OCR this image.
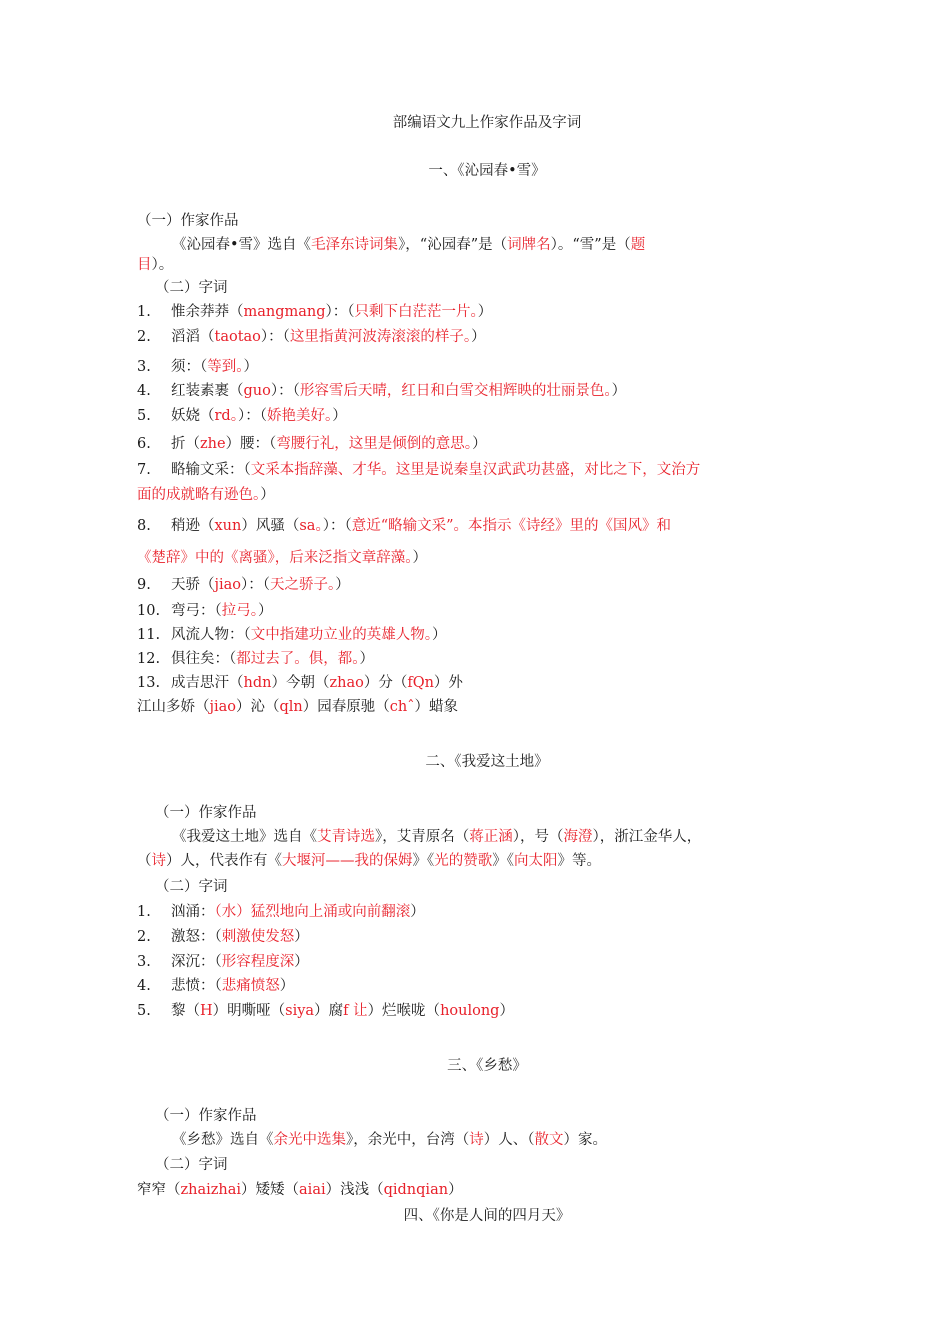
部编语文九上作家作品及字词
一、《沁园春•雪》
（一）作家作品
《沁园春•雪》选自《毛泽东诗词集》，“沁园春”是（词牌名）。“雪”是（题
目）。
（二）字词
1. 惟余莽莽（mangmang）：（只剩下白茫茫一片。）
2. 滔滔（taotao）：（这里指黄河波涛滚滚的样子。）
3. 须：（等到。）
4. 红装素裹（guo）：（形容雪后天晴，红日和白雪交相辉映的壮丽景色。）
5. 妖娆（rd。）：（娇艳美好。）
6. 折（zhe）腰：（弯腰行礼，这里是倾倒的意思。）
7. 略输文采：（文采本指辞藻、才华。这里是说秦皇汉武武功甚盛，对比之下，文治方
面的成就略有逊色。）
8. 稍逊（xun）风骚（sa。）：（意近“略输文采”。本指示《诗经》里的《国风》和
《楚辞》中的《离骚》，后来泛指文章辞藻。）
9. 天骄（jiao）：（天之骄子。）
10. 弯弓：（拉弓。）
11. 风流人物：（文中指建功立业的英雄人物。）
12. 俱往矣：（都过去了。俱，都。）
13. 成吉思汗（hdn）今朝（zhao）分（fQn）外
江山多娇（jiao）沁（qln）园春原驰（chˆ）蜡象
二、《我爱这土地》
（一）作家作品
《我爱这土地》选自《艾青诗选》，艾青原名（蒋正涵），号（海澄），浙江金华人，
（诗）人，代表作有《大堰河——我的保姆》《光的赞歌》《向太阳》等。
（二）字词
1. 汹涌：（水）猛烈地向上涌或向前翻滚）
2. 激怒：（刺激使发怒）
3. 深沉：（形容程度深）
4. 悲愤：（悲痛愤怒）
5. 黎（H）明嘶哑（siya）腐f 让）烂喉咙（houlong）
三、《乡愁》
（一）作家作品
《乡愁》选自《余光中选集》，余光中，台湾（诗）人、（散文）家。
（二）字词
窄窄（zhaizhai）矮矮（aiai）浅浅（qidnqian）
四、《你是人间的四月天》
